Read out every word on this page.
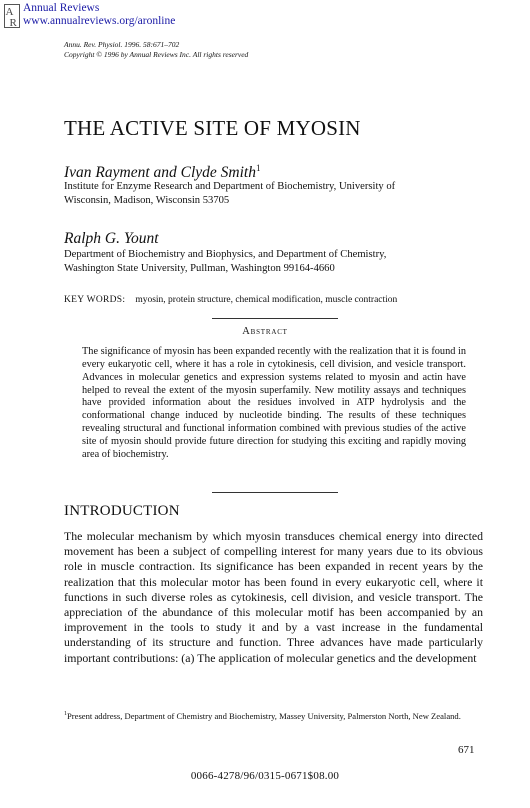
A
R
Annual Reviews
www.annualreviews.org/aronline
Annu. Rev. Physiol. 1996. 58:671–702
Copyright © 1996 by Annual Reviews Inc. All rights reserved
THE ACTIVE SITE OF MYOSIN
Ivan Rayment and Clyde Smith$^1$
Institute for Enzyme Research and Department of Biochemistry, University of
Wisconsin, Madison, Wisconsin 53705
Ralph G. Yount
Department of Biochemistry and Biophysics, and Department of Chemistry,
Washington State University, Pullman, Washington 99164-4660
KEY WORDS: myosin, protein structure, chemical modification, muscle contraction
Abstract
The significance of myosin has been expanded recently with the realization that it is found in every eukaryotic cell, where it has a role in cytokinesis, cell division, and vesicle transport. Advances in molecular genetics and expression systems related to myosin and actin have helped to reveal the extent of the myosin superfamily. New motility assays and techniques have provided information about the residues involved in ATP hydrolysis and the conformational change induced by nucleotide binding. The results of these techniques revealing structural and functional information combined with previous studies of the active site of myosin should provide future direction for studying this exciting and rapidly moving area of biochemistry.
INTRODUCTION
The molecular mechanism by which myosin transduces chemical energy into directed movement has been a subject of compelling interest for many years due to its obvious role in muscle contraction. Its significance has been expanded in recent years by the realization that this molecular motor has been found in every eukaryotic cell, where it functions in such diverse roles as cytokinesis, cell division, and vesicle transport. The appreciation of the abundance of this molecular motif has been accompanied by an improvement in the tools to study it and by a vast increase in the fundamental understanding of its structure and function. Three advances have made particularly important contributions: (a) The application of molecular genetics and the development
$^1$Present address, Department of Chemistry and Biochemistry, Massey University, Palmerston North, New Zealand.
671
0066-4278/96/0315-0671$08.00
